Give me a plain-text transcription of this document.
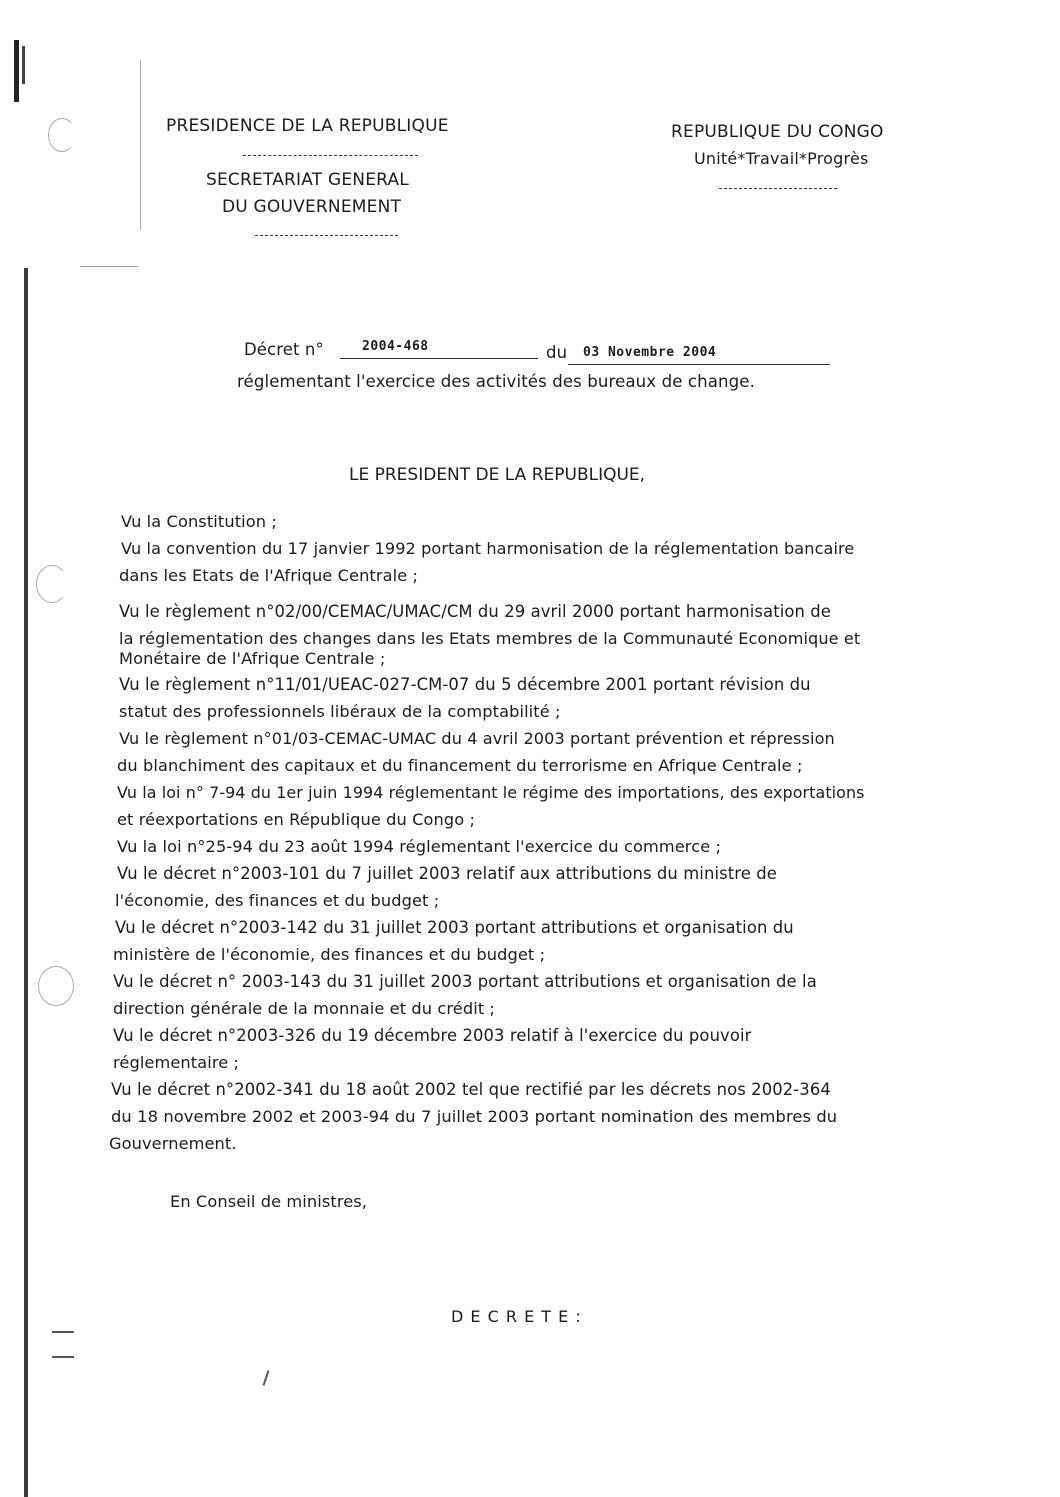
PRESIDENCE DE LA REPUBLIQUE
SECRETARIAT GENERAL
DU GOUVERNEMENT
REPUBLIQUE DU CONGO
Unité*Travail*Progrès
Décret n°	2004-468	du 03 Novembre 2004
réglementant l'exercice des activités des bureaux de change.
LE PRESIDENT DE LA REPUBLIQUE,
Vu la Constitution ;
Vu la convention du 17 janvier 1992 portant harmonisation de la réglementation bancaire
dans les Etats de l'Afrique Centrale ;
Vu le règlement n°02/00/CEMAC/UMAC/CM du 29 avril 2000 portant harmonisation de
la réglementation des changes dans les Etats membres de la Communauté Economique et
Monétaire de l'Afrique Centrale ;
Vu le règlement n°11/01/UEAC-027-CM-07 du 5 décembre 2001 portant révision du
statut des professionnels libéraux de la comptabilité ;
Vu le règlement n°01/03-CEMAC-UMAC du 4 avril 2003 portant prévention et répression
du blanchiment des capitaux et du financement du terrorisme en Afrique Centrale ;
Vu la loi n° 7-94 du 1er juin 1994 réglementant le régime des importations, des exportations
et réexportations en République du Congo ;
Vu la loi n°25-94 du 23 août 1994 réglementant l'exercice du commerce ;
Vu le décret n°2003-101 du 7 juillet 2003 relatif aux attributions du ministre de
l'économie, des finances et du budget ;
Vu le décret n°2003-142 du 31 juillet 2003 portant attributions et organisation du
ministère de l'économie, des finances et du budget ;
Vu le décret n° 2003-143 du 31 juillet 2003 portant attributions et organisation de la
direction générale de la monnaie et du crédit ;
Vu le décret n°2003-326 du 19 décembre 2003 relatif à l'exercice du pouvoir
réglementaire ;
Vu le décret n°2002-341 du 18 août 2002 tel que rectifié par les décrets nos 2002-364
du 18 novembre 2002 et 2003-94 du 7 juillet 2003 portant nomination des membres du
Gouvernement.
En Conseil de ministres,
D E C R E T E :
